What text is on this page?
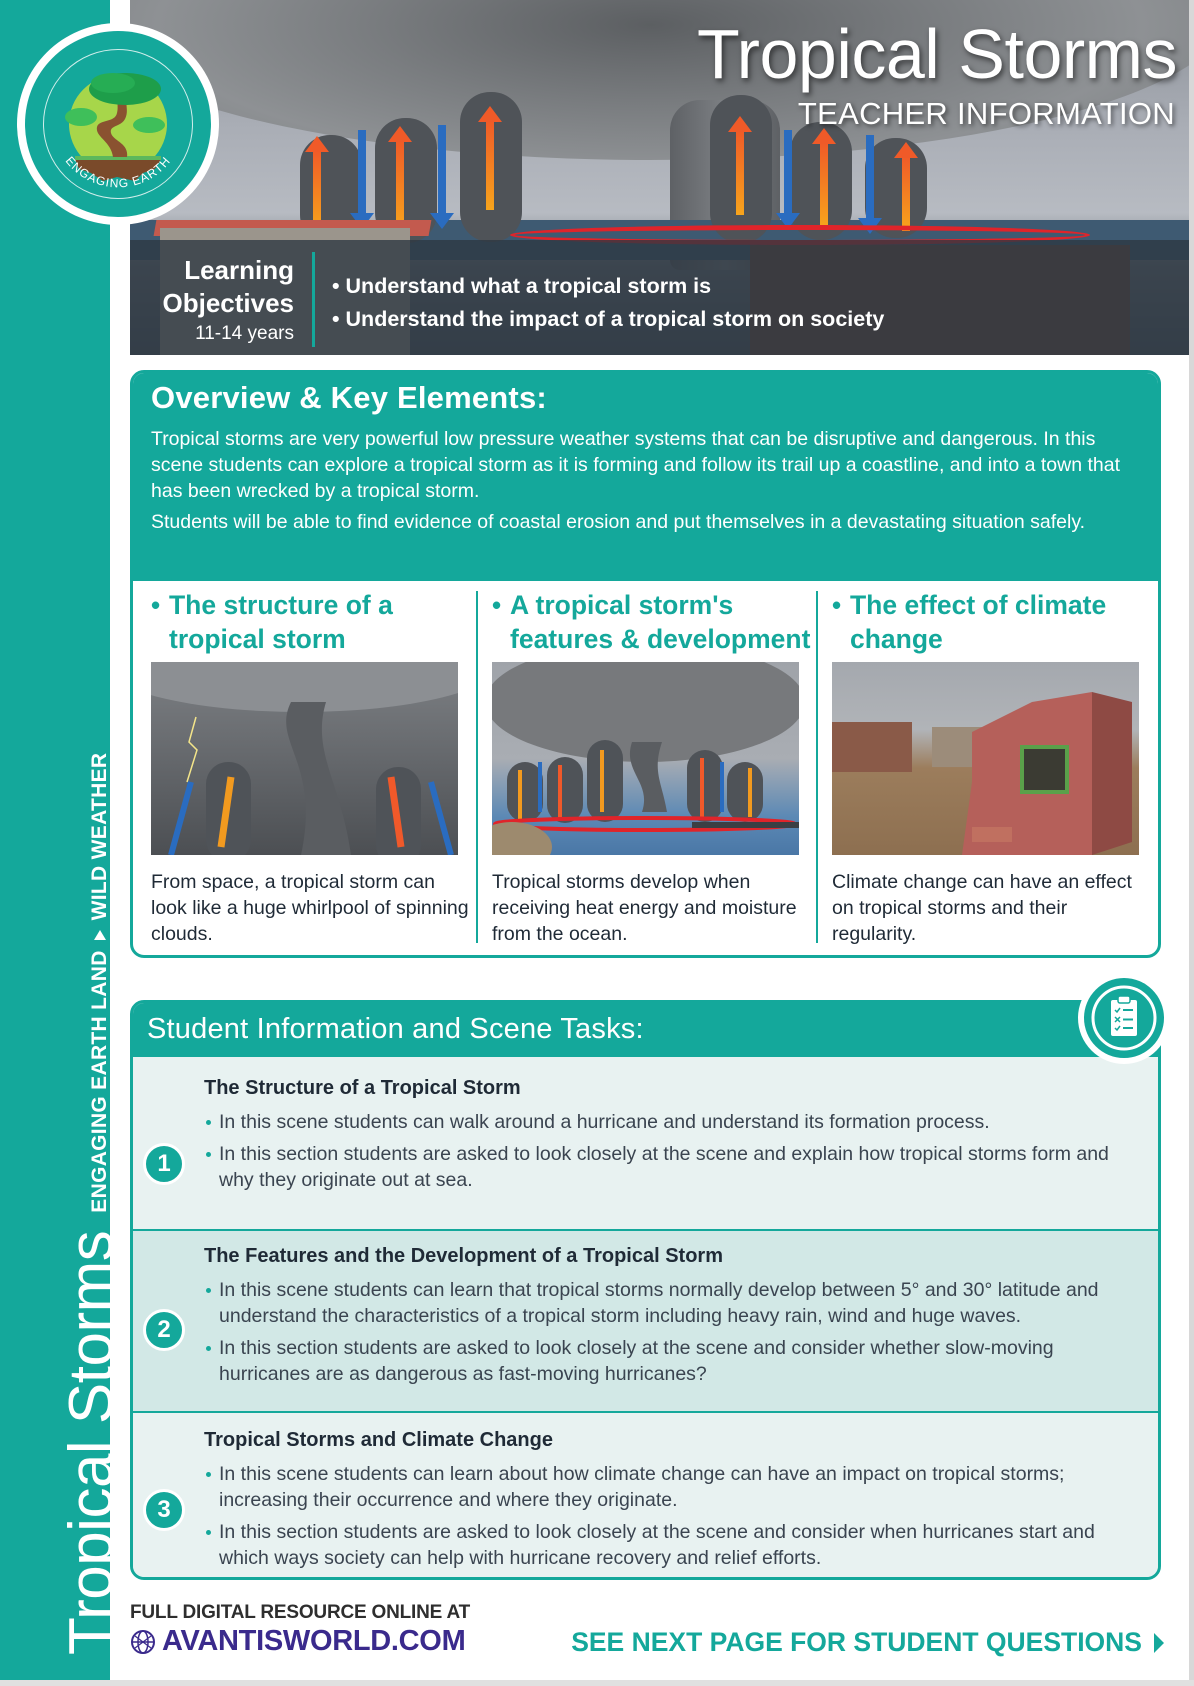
Tropical Storms
ENGAGING EARTH LAND
WILD WEATHER
ENGAGING EARTH
Tropical Storms
TEACHER INFORMATION
Learning
Objectives
11-14 years
• Understand what a tropical storm is
• Understand the impact of a tropical storm on society
Overview & Key Elements:
Tropical storms are very powerful low pressure weather systems that can be disruptive and dangerous. In this scene students can explore a tropical storm as it is forming and follow its trail up a coastline, and into a town that has been wrecked by a tropical storm.
Students will be able to find evidence of coastal erosion and put themselves in a devastating situation safely.
• The structure of a tropical storm
From space, a tropical storm can look like a huge whirlpool of spinning clouds.
• A tropical storm's features & development
Tropical storms develop when receiving heat energy and moisture from the ocean.
• The effect of climate change
Climate change can have an effect on tropical storms and their regularity.
Student Information and Scene Tasks:
1
The Structure of a Tropical Storm
In this scene students can walk around a hurricane and understand its formation process.
In this section students are asked to look closely at the scene and explain how tropical storms form and why they originate out at sea.
2
The Features and the Development of a Tropical Storm
In this scene students can learn that tropical storms normally develop between 5° and 30° latitude and understand the characteristics of a tropical storm including heavy rain, wind and huge waves.
In this section students are asked to look closely at the scene and consider whether slow-moving hurricanes are as dangerous as fast-moving hurricanes?
3
Tropical Storms and Climate Change
In this scene students can learn about how climate change can have an impact on tropical storms; increasing their occurrence and where they originate.
In this section students are asked to look closely at the scene and consider when hurricanes start and which ways society can help with hurricane recovery and relief efforts.
FULL DIGITAL RESOURCE ONLINE AT
AVANTISWORLD.COM	SEE NEXT PAGE FOR STUDENT QUESTIONS
